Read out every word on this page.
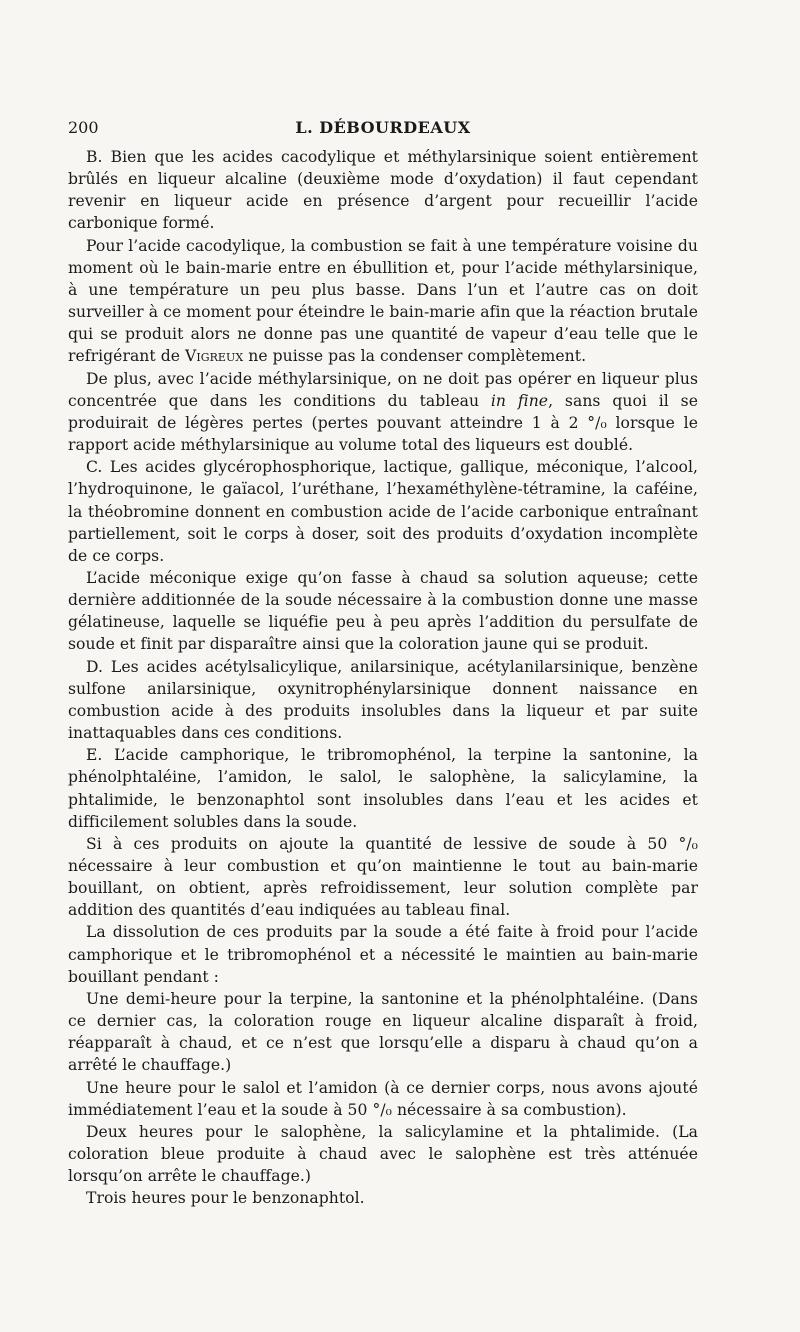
200	L. DÉBOURDEAUX

B. Bien que les acides cacodylique et méthylarsinique soient entièrement brûlés en liqueur alcaline (deuxième mode d’oxydation) il faut cependant revenir en liqueur acide en présence d’argent pour recueillir l’acide carbonique formé.

Pour l’acide cacodylique, la combustion se fait à une température voisine du moment où le bain-marie entre en ébullition et, pour l’acide méthylarsinique, à une température un peu plus basse. Dans l’un et l’autre cas on doit surveiller à ce moment pour éteindre le bain-marie afin que la réaction brutale qui se produit alors ne donne pas une quantité de vapeur d’eau telle que le refrigérant de Vigreux ne puisse pas la condenser complètement.

De plus, avec l’acide méthylarsinique, on ne doit pas opérer en liqueur plus concentrée que dans les conditions du tableau in fine, sans quoi il se produirait de légères pertes (pertes pouvant atteindre 1 à 2 °/₀ lorsque le rapport acide méthylarsinique au volume total des liqueurs est doublé.

C. Les acides glycérophosphorique, lactique, gallique, méconique, l’alcool, l’hydroquinone, le gaïacol, l’uréthane, l’hexaméthylène-tétramine, la caféine, la théobromine donnent en combustion acide de l’acide carbonique entraînant partiellement, soit le corps à doser, soit des produits d’oxydation incomplète de ce corps.

L’acide méconique exige qu’on fasse à chaud sa solution aqueuse; cette dernière additionnée de la soude nécessaire à la combustion donne une masse gélatineuse, laquelle se liquéfie peu à peu après l’addition du persulfate de soude et finit par disparaître ainsi que la coloration jaune qui se produit.

D. Les acides acétylsalicylique, anilarsinique, acétylanilarsinique, benzène sulfone anilarsinique, oxynitrophénylarsinique donnent naissance en combustion acide à des produits insolubles dans la liqueur et par suite inattaquables dans ces conditions.

E. L’acide camphorique, le tribromophénol, la terpine la santonine, la phénolphtaléine, l’amidon, le salol, le salophène, la salicylamine, la phtalimide, le benzonaphtol sont insolubles dans l’eau et les acides et difficilement solubles dans la soude.

Si à ces produits on ajoute la quantité de lessive de soude à 50 °/₀ nécessaire à leur combustion et qu’on maintienne le tout au bain-marie bouillant, on obtient, après refroidissement, leur solution complète par addition des quantités d’eau indiquées au tableau final.

La dissolution de ces produits par la soude a été faite à froid pour l’acide camphorique et le tribromophénol et a nécessité le maintien au bain-marie bouillant pendant :

Une demi-heure pour la terpine, la santonine et la phénolphtaléine. (Dans ce dernier cas, la coloration rouge en liqueur alcaline disparaît à froid, réapparaît à chaud, et ce n’est que lorsqu’elle a disparu à chaud qu’on a arrêté le chauffage.)

Une heure pour le salol et l’amidon (à ce dernier corps, nous avons ajouté immédiatement l’eau et la soude à 50 °/₀ nécessaire à sa combustion).

Deux heures pour le salophène, la salicylamine et la phtalimide. (La coloration bleue produite à chaud avec le salophène est très atténuée lorsqu’on arrête le chauffage.)

Trois heures pour le benzonaphtol.
